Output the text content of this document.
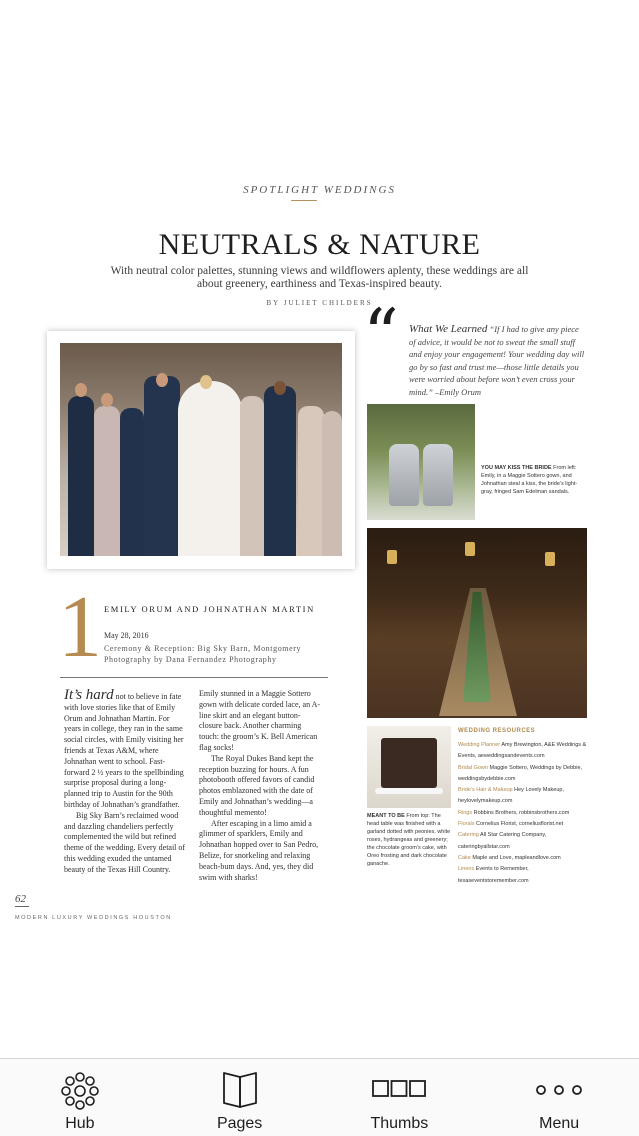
SPOTLIGHT WEDDINGS
NEUTRALS & NATURE
With neutral color palettes, stunning views and wildflowers aplenty, these weddings are all about greenery, earthiness and Texas-inspired beauty.
BY JULIET CHILDERS
“ What We Learned “If I had to give any piece of advice, it would be not to sweat the small stuff and enjoy your engagement! Your wedding day will go by so fast and trust me—those little details you were worried about before won’t even cross your mind.” –Emily Orum
YOU MAY KISS THE BRIDE From left: Emily, in a Maggie Sottero gown, and Johnathan steal a kiss, the bride’s light-gray, fringed Sam Edelman sandals.
MEANT TO BE From top: The head table was finished with a garland dotted with peonies, white roses, hydrangeas and greenery; the chocolate groom’s cake, with Oreo frosting and dark chocolate ganache.
WEDDING RESOURCES
Wedding Planner Amy Brewington, A&E Weddings & Events, aeweddingsandevents.com
Bridal Gown Maggie Sottero, Weddings by Debbie, weddingsbydebbie.com
Bride’s Hair & Makeup Hey Lovely Makeup, heylovelymakeup.com
Rings Robbins Brothers, robbinsbrothers.com
Florals Cornelius Florist, corneliusflorist.net
Catering All Star Catering Company, cateringbyallstar.com
Cake Maple and Love, mapleandlove.com
Linens Events to Remember, texaseventstoremember.com
1 EMILY ORUM AND JOHNATHAN MARTIN
May 28, 2016
Ceremony & Reception: Big Sky Barn, Montgomery Photography by Dana Fernandez Photography

It’s hard not to believe in fate with love stories like that of Emily Orum and Johnathan Martin. For years in college, they ran in the same social circles, with Emily visiting her friends at Texas A&M, where Johnathan went to school. Fast-forward 2 ½ years to the spellbinding surprise proposal during a long-planned trip to Austin for the 90th birthday of Johnathan’s grandfather.

Big Sky Barn’s reclaimed wood and dazzling chandeliers perfectly complemented the wild but refined theme of the wedding. Every detail of this wedding exuded the untamed beauty of the Texas Hill Country.

Emily stunned in a Maggie Sottero gown with delicate corded lace, an A-line skirt and an elegant button-closure back. Another charming touch: the groom’s K. Bell American flag socks!

The Royal Dukes Band kept the reception buzzing for hours. A fun photobooth offered favors of candid photos emblazoned with the date of Emily and Johnathan’s wedding—a thoughtful memento!

After escaping in a limo amid a glimmer of sparklers, Emily and Johnathan hopped over to San Pedro, Belize, for snorkeling and relaxing beach-bum days. And, yes, they did swim with sharks!

62
MODERN LUXURY WEDDINGS HOUSTON
Hub	Pages	Thumbs	Menu
